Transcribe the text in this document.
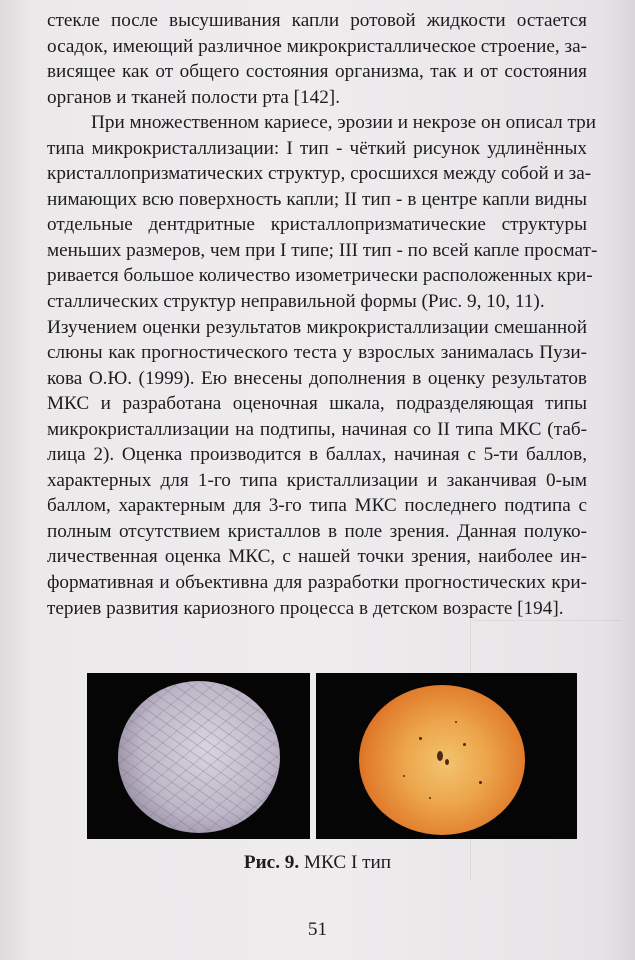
стекле после высушивания капли ротовой жидкости остается
осадок, имеющий различное микрокристаллическое строение, за-
висящее как от общего состояния организма, так и от состояния
органов и тканей полости рта [142].
При множественном кариесе, эрозии и некрозе он описал три
типа микрокристаллизации: I тип - чёткий рисунок удлинённых
кристаллопризматических структур, сросшихся между собой и за-
нимающих всю поверхность капли; II тип - в центре капли видны
отдельные дентдритные кристаллопризматические структуры
меньших размеров, чем при I типе; III тип - по всей капле просмат-
ривается большое количество изометрически расположенных кри-
сталлических структур неправильной формы (Рис. 9, 10, 11).
Изучением оценки результатов микрокристаллизации смешанной
слюны как прогностического теста у взрослых занималась Пузи-
кова О.Ю. (1999). Ею внесены дополнения в оценку результатов
МКС и разработана оценочная шкала, подразделяющая типы
микрокристаллизации на подтипы, начиная со II типа МКС (таб-
лица 2). Оценка производится в баллах, начиная с 5-ти баллов,
характерных для 1-го типа кристаллизации и заканчивая 0-ым
баллом, характерным для 3-го типа МКС последнего подтипа с
полным отсутствием кристаллов в поле зрения. Данная полуко-
личественная оценка МКС, с нашей точки зрения, наиболее ин-
формативная и объективна для разработки прогностических кри-
териев развития кариозного процесса в детском возрасте [194].
Рис. 9. МКС I тип
51
